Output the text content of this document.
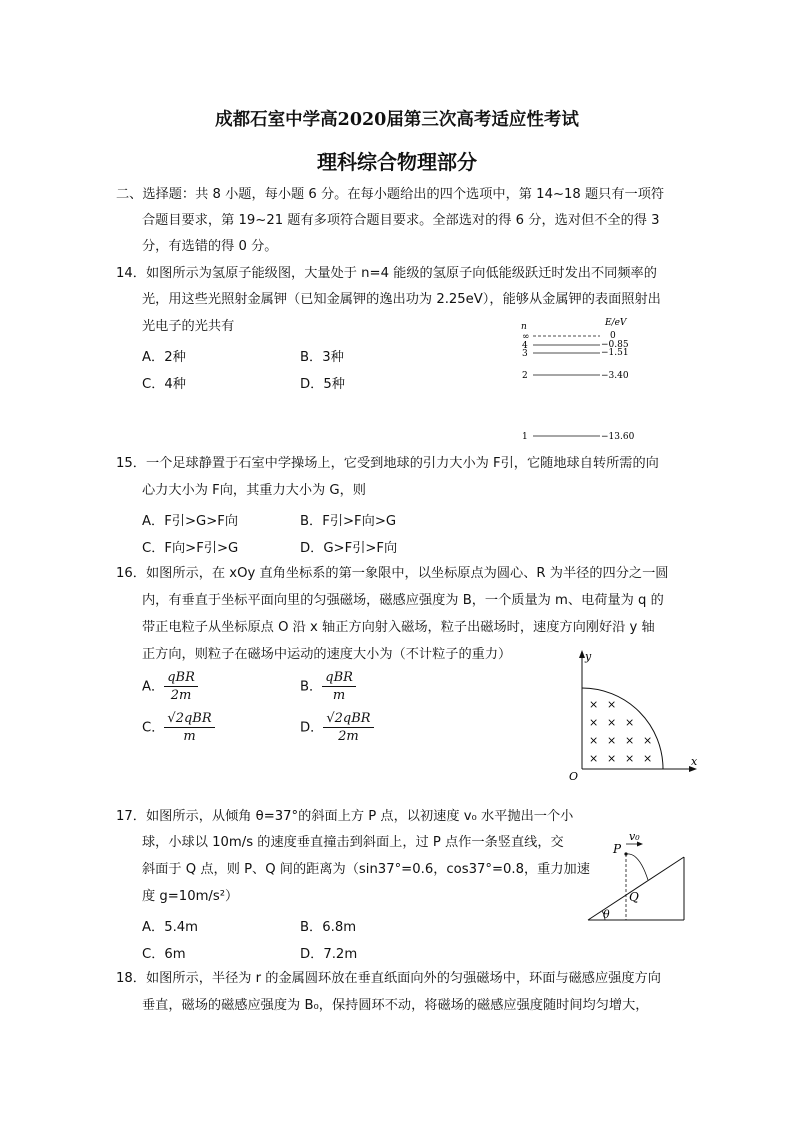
成都石室中学高2020届第三次高考适应性考试
理科综合物理部分
二、选择题：共 8 小题，每小题 6 分。在每小题给出的四个选项中，第 14~18 题只有一项符
合题目要求，第 19~21 题有多项符合题目要求。全部选对的得 6 分，选对但不全的得 3
分，有选错的得 0 分。
14．如图所示为氢原子能级图，大量处于 n=4 能级的氢原子向低能级跃迁时发出不同频率的
光，用这些光照射金属钾（已知金属钾的逸出功为 2.25eV），能够从金属钾的表面照射出
光电子的光共有
A．2种	B．3种
C．4种	D．5种
n	E/eV
∞
4
3
2
1
0
−0.85
−1.51
−3.40
−13.60
15．一个足球静置于石室中学操场上，它受到地球的引力大小为 F引，它随地球自转所需的向
心力大小为 F向，其重力大小为 G，则
A．F引>G>F向	B．F引>F向>G
C．F向>F引>G	D．G>F引>F向
16．如图所示，在 xOy 直角坐标系的第一象限中，以坐标原点为圆心、R 为半径的四分之一圆
内，有垂直于坐标平面向里的匀强磁场，磁感应强度为 B，一个质量为 m、电荷量为 q 的
带正电粒子从坐标原点 O 沿 x 轴正方向射入磁场，粒子出磁场时，速度方向刚好沿 y 轴
正方向，则粒子在磁场中运动的速度大小为（不计粒子的重力）
A． $\frac{\text{qBR}}{2m}$	B． $\frac{\text{qBR}}{m}$
C． $\frac{\text{√2qBR}}{m}$	D． $\frac{\text{√2qBR}}{2m}$
y
x
O
× ×
× × ×
× × × ×
× × × ×
17．如图所示，从倾角 θ=37°的斜面上方 P 点，以初速度 v₀ 水平抛出一个小
球，小球以 10m/s 的速度垂直撞击到斜面上，过 P 点作一条竖直线，交
斜面于 Q 点，则 P、Q 间的距离为（sin37°=0.6，cos37°=0.8，重力加速
度 g=10m/s²）
A．5.4m	B．6.8m
C．6m	D．7.2m
P
v₀
Q
θ
18．如图所示，半径为 r 的金属圆环放在垂直纸面向外的匀强磁场中，环面与磁感应强度方向
垂直，磁场的磁感应强度为 B₀，保持圆环不动，将磁场的磁感应强度随时间均匀增大，
